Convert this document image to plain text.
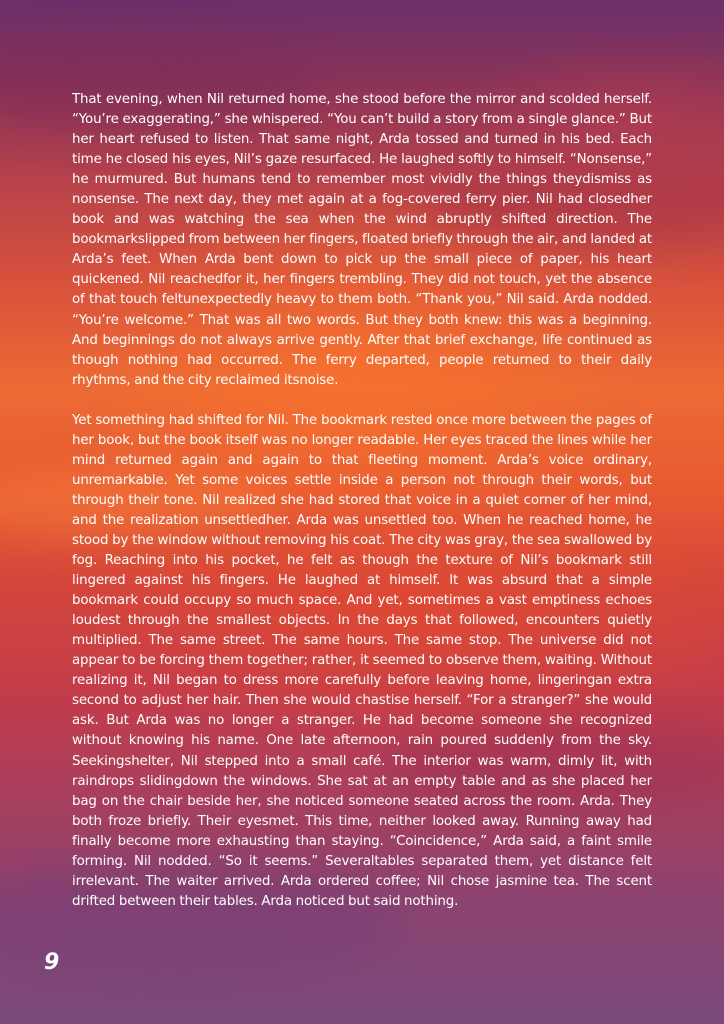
That evening, when Nil returned home, she stood before the mirror and scolded herself. “You’re exaggerating,” she whispered. “You can’t build a story from a single glance.” But her heart refused to listen. That same night, Arda tossed and turned in his bed. Each time he closed his eyes, Nil’s gaze resurfaced. He laughed softly to himself. “Nonsense,” he murmured. But humans tend to remember most vividly the things theydismiss as nonsense. The next day, they met again at a fog-covered ferry pier. Nil had closedher book and was watching the sea when the wind abruptly shifted direction. The bookmarkslipped from between her fingers, floated briefly through the air, and landed at Arda’s feet. When Arda bent down to pick up the small piece of paper, his heart quickened. Nil reachedfor it, her fingers trembling. They did not touch, yet the absence of that touch feltunexpectedly heavy to them both. “Thank you,” Nil said. Arda nodded. “You’re welcome.” That was all two words. But they both knew: this was a beginning. And beginnings do not always arrive gently. After that brief exchange, life continued as though nothing had occurred. The ferry departed, people returned to their daily rhythms, and the city reclaimed itsnoise.

Yet something had shifted for Nil. The bookmark rested once more between the pages of her book, but the book itself was no longer readable. Her eyes traced the lines while her mind returned again and again to that fleeting moment. Arda’s voice ordinary, unremarkable. Yet some voices settle inside a person not through their words, but through their tone. Nil realized she had stored that voice in a quiet corner of her mind, and the realization unsettledher. Arda was unsettled too. When he reached home, he stood by the window without removing his coat. The city was gray, the sea swallowed by fog. Reaching into his pocket, he felt as though the texture of Nil’s bookmark still lingered against his fingers. He laughed at himself. It was absurd that a simple bookmark could occupy so much space. And yet, sometimes a vast emptiness echoes loudest through the smallest objects. In the days that followed, encounters quietly multiplied. The same street. The same hours. The same stop. The universe did not appear to be forcing them together; rather, it seemed to observe them, waiting. Without realizing it, Nil began to dress more carefully before leaving home, lingeringan extra second to adjust her hair. Then she would chastise herself. “For a stranger?” she would ask. But Arda was no longer a stranger. He had become someone she recognized without knowing his name. One late afternoon, rain poured suddenly from the sky. Seekingshelter, Nil stepped into a small café. The interior was warm, dimly lit, with raindrops slidingdown the windows. She sat at an empty table and as she placed her bag on the chair beside her, she noticed someone seated across the room. Arda. They both froze briefly. Their eyesmet. This time, neither looked away. Running away had finally become more exhausting than staying. “Coincidence,” Arda said, a faint smile forming. Nil nodded. “So it seems.” Severaltables separated them, yet distance felt irrelevant. The waiter arrived. Arda ordered coffee; Nil chose jasmine tea. The scent drifted between their tables. Arda noticed but said nothing.

9
